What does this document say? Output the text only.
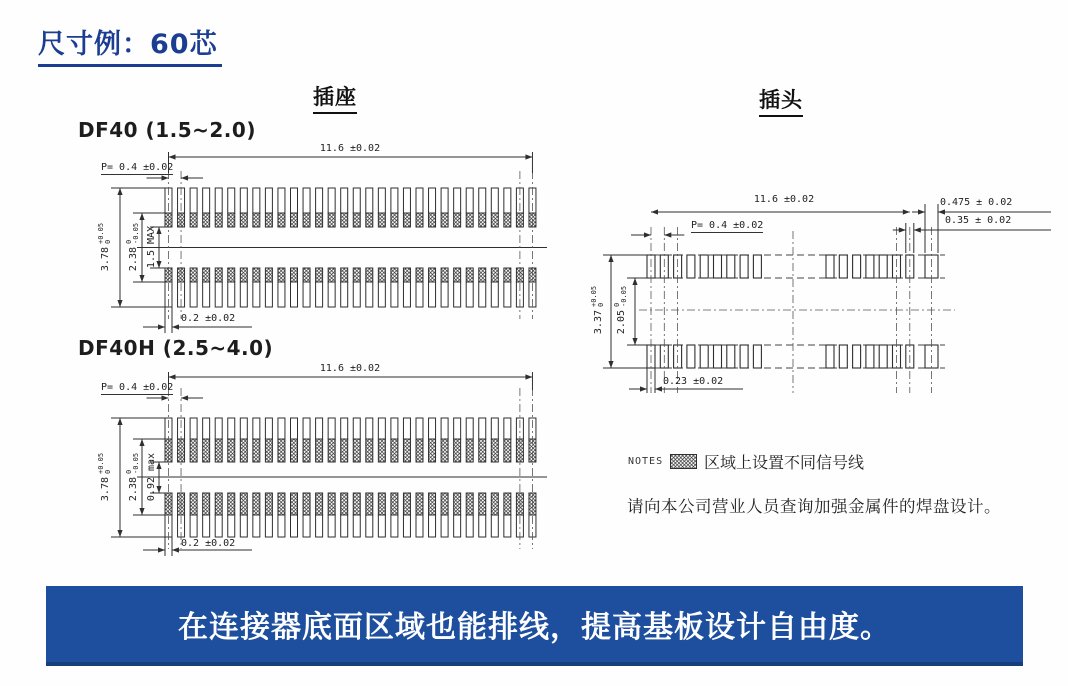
尺寸例：60芯
插座	插头
DF40 (1.5~2.0)
DF40H (2.5~4.0)
11.6 ±0.02
P= 0.4 ±0.02
3.78
+0.05 0
2.38
0 -0.05 1.5 MAX
0.2 ±0.02
11.6 ±0.02
P= 0.4 ±0.02
3.78
+0.05 0
2.38
0 -0.05 0.92 max
0.2 ±0.02
11.6 ±0.02	0.475 ± 0.02
0.35 ± 0.02
P= 0.4 ±0.02
3.37
+0.05 0
2.05
0 -0.05
0.23 ±0.02
NOTES	区域上设置不同信号线
请向本公司营业人员查询加强金属件的焊盘设计。
在连接器底面区域也能排线，提高基板设计自由度。
